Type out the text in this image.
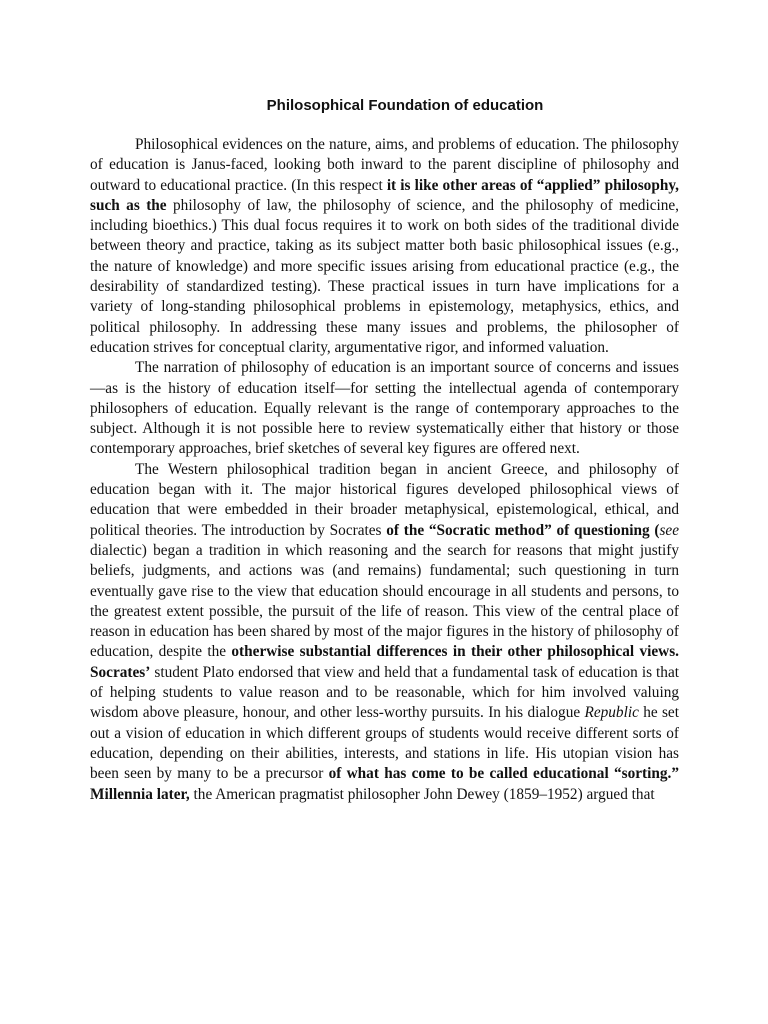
Philosophical Foundation of education

Philosophical evidences on the nature, aims, and problems of education. The philosophy of education is Janus-faced, looking both inward to the parent discipline of philosophy and outward to educational practice. (In this respect it is like other areas of “applied” philosophy, such as the philosophy of law, the philosophy of science, and the philosophy of medicine, including bioethics.) This dual focus requires it to work on both sides of the traditional divide between theory and practice, taking as its subject matter both basic philosophical issues (e.g., the nature of knowledge) and more specific issues arising from educational practice (e.g., the desirability of standardized testing). These practical issues in turn have implications for a variety of long-standing philosophical problems in epistemology, metaphysics, ethics, and political philosophy. In addressing these many issues and problems, the philosopher of education strives for conceptual clarity, argumentative rigor, and informed valuation.

The narration of philosophy of education is an important source of concerns and issues—as is the history of education itself—for setting the intellectual agenda of contemporary philosophers of education. Equally relevant is the range of contemporary approaches to the subject. Although it is not possible here to review systematically either that history or those contemporary approaches, brief sketches of several key figures are offered next.

The Western philosophical tradition began in ancient Greece, and philosophy of education began with it. The major historical figures developed philosophical views of education that were embedded in their broader metaphysical, epistemological, ethical, and political theories. The introduction by Socrates of the “Socratic method” of questioning (see dialectic) began a tradition in which reasoning and the search for reasons that might justify beliefs, judgments, and actions was (and remains) fundamental; such questioning in turn eventually gave rise to the view that education should encourage in all students and persons, to the greatest extent possible, the pursuit of the life of reason. This view of the central place of reason in education has been shared by most of the major figures in the history of philosophy of education, despite the otherwise substantial differences in their other philosophical views. Socrates’ student Plato endorsed that view and held that a fundamental task of education is that of helping students to value reason and to be reasonable, which for him involved valuing wisdom above pleasure, honour, and other less-worthy pursuits. In his dialogue Republic he set out a vision of education in which different groups of students would receive different sorts of education, depending on their abilities, interests, and stations in life. His utopian vision has been seen by many to be a precursor of what has come to be called educational “sorting.” Millennia later, the American pragmatist philosopher John Dewey (1859–1952) argued that
